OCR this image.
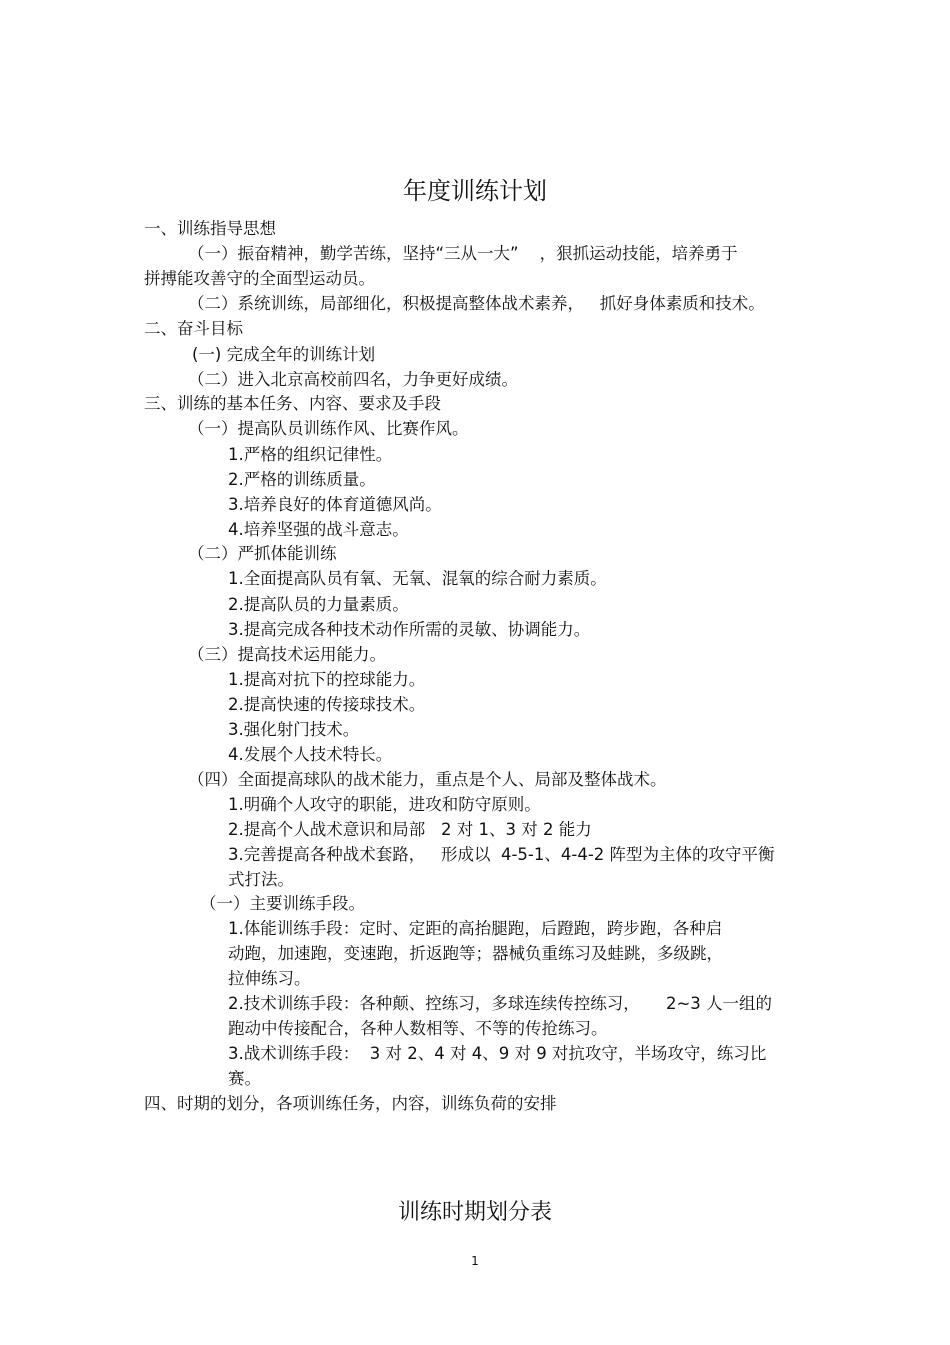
年度训练计划
一、训练指导思想
（一）振奋精神，勤学苦练，坚持“三从一大”    ，狠抓运动技能，培养勇于
拼搏能攻善守的全面型运动员。
（二）系统训练，局部细化，积极提高整体战术素养，   抓好身体素质和技术。
二、奋斗目标
(一) 完成全年的训练计划
（二）进入北京高校前四名，力争更好成绩。
三、训练的基本任务、内容、要求及手段
（一）提高队员训练作风、比赛作风。
1.严格的组织记律性。
2.严格的训练质量。
3.培养良好的体育道德风尚。
4.培养坚强的战斗意志。
（二）严抓体能训练
1.全面提高队员有氧、无氧、混氧的综合耐力素质。
2.提高队员的力量素质。
3.提高完成各种技术动作所需的灵敏、协调能力。
（三）提高技术运用能力。
1.提高对抗下的控球能力。
2.提高快速的传接球技术。
3.强化射门技术。
4.发展个人技术特长。
（四）全面提高球队的战术能力，重点是个人、局部及整体战术。
1.明确个人攻守的职能，进攻和防守原则。
2.提高个人战术意识和局部   2 对 1、3 对 2 能力
3.完善提高各种战术套路，   形成以  4-5-1、4-4-2 阵型为主体的攻守平衡
式打法。
（一）主要训练手段。
1.体能训练手段：定时、定距的高抬腿跑，后蹬跑，跨步跑，各种启
动跑，加速跑，变速跑，折返跑等；器械负重练习及蛙跳，多级跳，
拉伸练习。
2.技术训练手段：各种颠、控练习，多球连续传控练习，     2~3 人一组的
跑动中传接配合，各种人数相等、不等的传抢练习。
3.战术训练手段：  3 对 2、4 对 4、9 对 9 对抗攻守，半场攻守，练习比
赛。
四、时期的划分，各项训练任务，内容，训练负荷的安排
训练时期划分表
1
